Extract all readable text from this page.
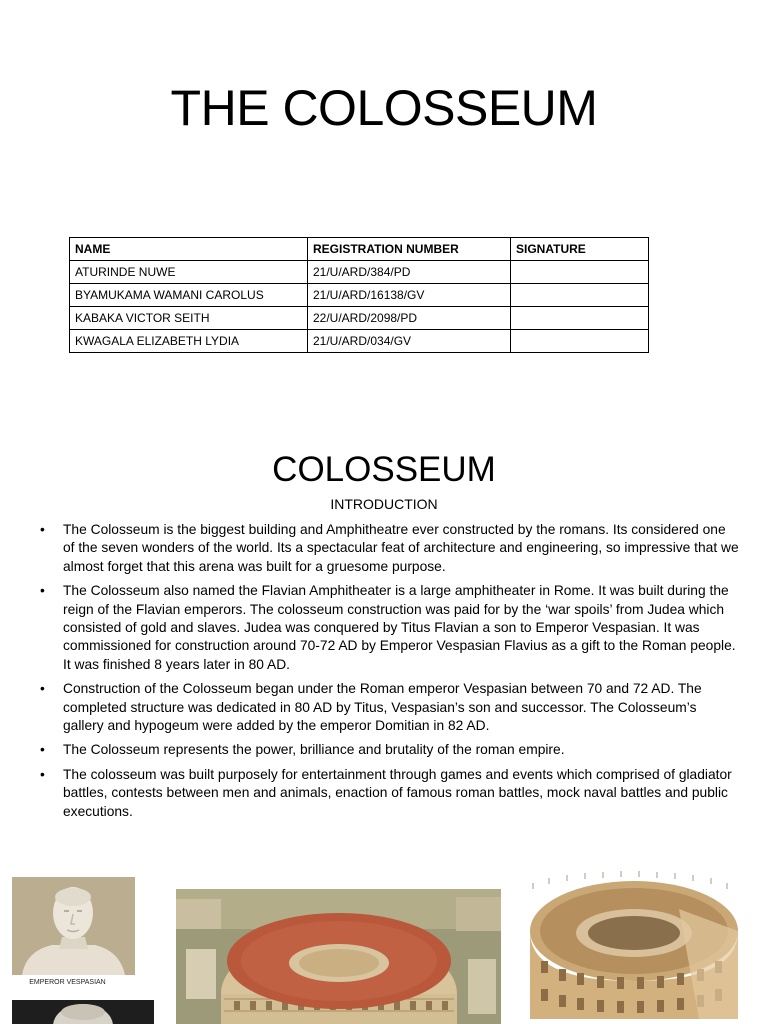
THE COLOSSEUM
NAME	REGISTRATION NUMBER	SIGNATURE
ATURINDE NUWE	21/U/ARD/384/PD	
BYAMUKAMA WAMANI CAROLUS	21/U/ARD/16138/GV	
KABAKA VICTOR SEITH	22/U/ARD/2098/PD	
KWAGALA ELIZABETH LYDIA	21/U/ARD/034/GV	
COLOSSEUM
INTRODUCTION
• The Colosseum is the biggest building and Amphitheatre ever constructed by the romans. Its considered one of the seven wonders of the world. Its a spectacular feat of architecture and engineering, so impressive that we almost forget that this arena was built for a gruesome purpose.
• The Colosseum also named the Flavian Amphitheater is a large amphitheater in Rome. It was built during the reign of the Flavian emperors. The colosseum construction was paid for by the ‘war spoils’ from Judea which consisted of gold and slaves. Judea was conquered by Titus Flavian a son to Emperor Vespasian. It was commissioned for construction around 70-72 AD by Emperor Vespasian Flavius as a gift to the Roman people. It was finished 8 years later in 80 AD.
• Construction of the Colosseum began under the Roman emperor Vespasian between 70 and 72 AD. The completed structure was dedicated in 80 AD by Titus, Vespasian’s son and successor. The Colosseum’s gallery and hypogeum were added by the emperor Domitian in 82 AD.
• The Colosseum represents the power, brilliance and brutality of the roman empire.
• The colosseum was built purposely for entertainment through games and events which comprised of gladiator battles, contests between men and animals, enaction of famous roman battles, mock naval battles and public executions.
EMPEROR VESPASIAN
